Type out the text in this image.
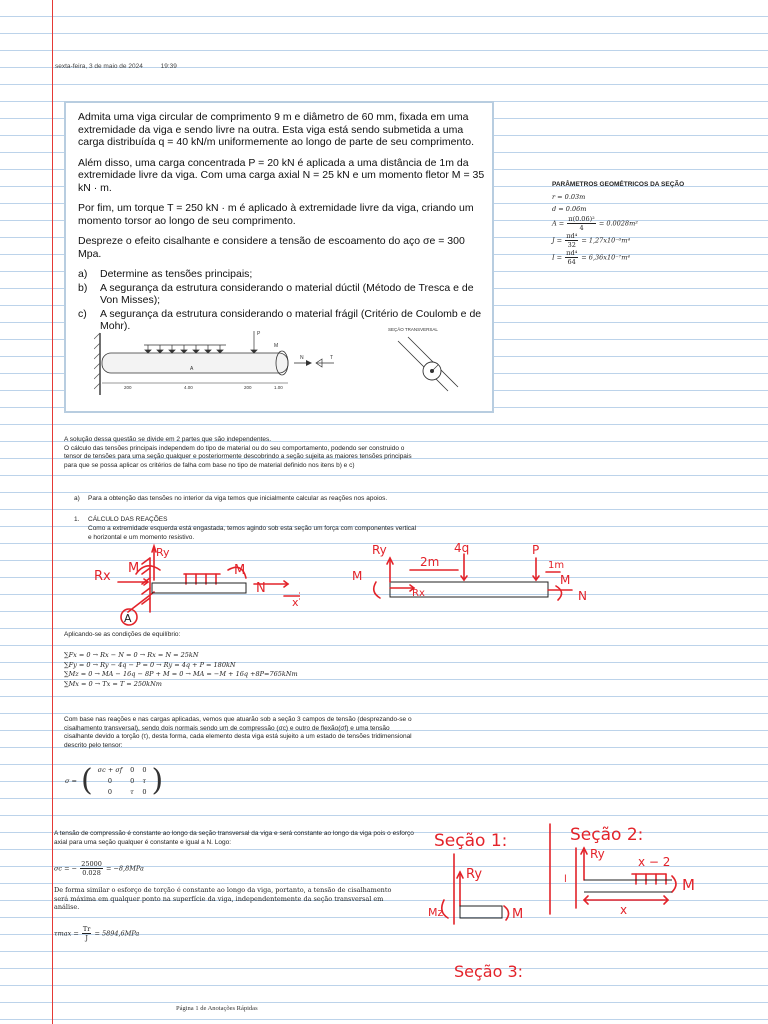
sexta-feira, 3 de maio de 2024	19:39

Admita uma viga circular de comprimento 9 m e diâmetro de 60 mm, fixada em uma extremidade da viga e sendo livre na outra. Esta viga está sendo submetida a uma carga distribuída q = 40 kN/m uniformemente ao longo de parte de seu comprimento.

Além disso, uma carga concentrada P = 20 kN é aplicada a uma distância de 1m da extremidade livre da viga. Com uma carga axial N = 25 kN e um momento fletor M = 35 kN · m.

Por fim, um torque T = 250 kN · m é aplicado à extremidade livre da viga, criando um momento torsor ao longo de seu comprimento.

Despreze o efeito cisalhante e considere a tensão de escoamento do aço σe = 300 Mpa.

a)	Determine as tensões principais;
b)	A segurança da estrutura considerando o material dúctil (Método de Tresca e de Von Misses);
c)	A segurança da estrutura considerando o material frágil (Critério de Coulomb e de Mohr).
P
M
N	T
A
200	4.00	200	1.00
SEÇÃO TRANSVERSAL
PARÂMETROS GEOMÉTRICOS DA SEÇÃO
r = 0.03m
d = 0.06m
$A = \frac{\text{π(0.06)²}}{4} = 0.0028m^2$
$J = \frac{\text{πd⁴}}{32} = 1,27x10^{-6}m^4$
$I = \frac{\text{πd⁴}}{64} = 6,36x10^{-7}m^4$
A solução dessa questão se divide em 2 partes que são independentes.
O cálculo das tensões principais independem do tipo de material ou do seu comportamento, podendo ser construido o tensor de tensões para uma seção qualquer e posteriormente descobrindo a seção sujeita as maiores tensões principais para que se possa aplicar os critérios de falha com base no tipo de material definido nos itens b) e c)
a)	Para a obtenção das tensões no interior da viga temos que inicialmente calcular as reações nos apoios.
1.	CÁLCULO DAS REAÇÕES
Como a extremidade esquerda está engastada, temos agindo sob esta seção um força com componentes vertical e horizontal e um momento resistivo.
Rx
M
Ry
M
N
x
A
Ry	4q
2m
P
1m
M	M
Rx	N
Aplicando-se as condições de equilíbrio:
∑Fx = 0 → Rx − N = 0 → Rx = N = 25kN
∑Fy = 0 → Ry − 4q − P = 0 → Ry = 4q + P = 180kN
∑Mz = 0 → MA − 16q − 8P + M = 0 → MA = −M + 16q +8P=765kNm
∑Mx = 0 → Tx = T = 250kNm
Com base nas reações e nas cargas aplicadas, vemos que atuarão sob a seção 3 campos de tensão (desprezando-se o cisalhamento transversal), sendo dois normais sendo um de compressão (σc) e outro de flexão(σf) e uma tensão cisalhante devido a torção (τ), desta forma, cada elemento desta viga está sujeito a um estado de tensões tridimensional descrito pelo tensor:
σ =	(	σc + σf	0	0	)
		0	0	τ	
		0	τ	0	
A tensão de compressão é constante ao longo da seção transversal da viga e será constante ao longo da viga pois o esforço axial para uma seção qualquer é constante e igual a N. Logo:
σc = − $\frac{25000}{0.028} = -8,8MPa$
De forma similar o esforço de torção é constante ao longo da viga, portanto, a tensão de cisalhamento será máxima em qualquer ponto na superfície da viga, independentemente da seção transversal em análise.
$\tau\max = \frac{Tr}{J} = 5894,6MPa$
Seção 1:
Ry
Mz	M
Seção 2:
Ry
x − 2
x
M
l
Seção 3:
Página 1 de Anotações Rápidas
